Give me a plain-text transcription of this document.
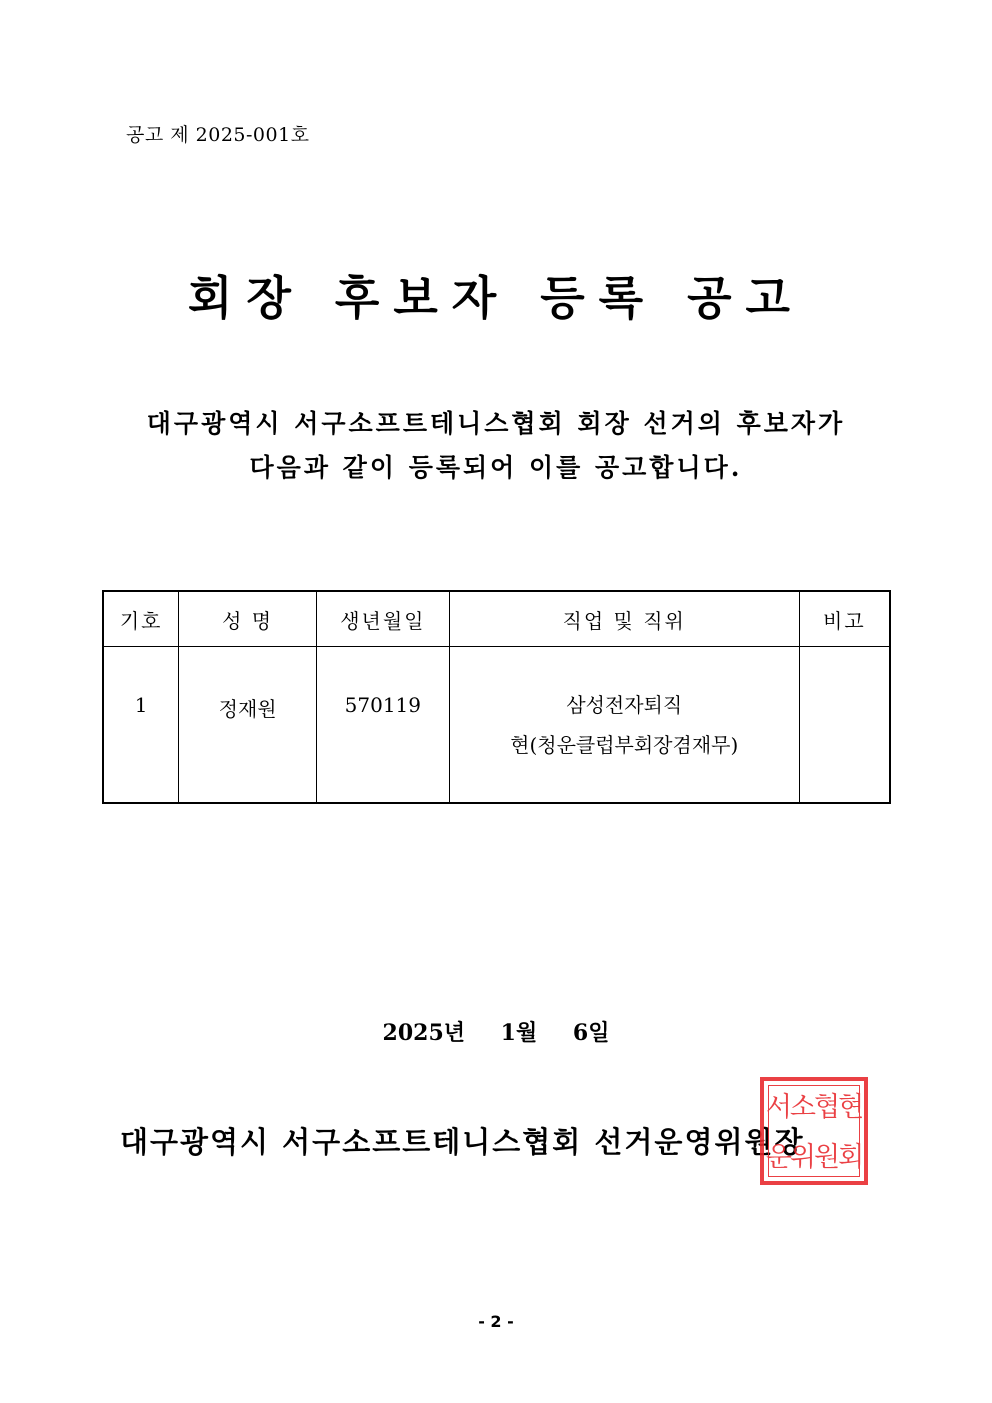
공고 제 2025-001호
회장 후보자 등록 공고
대구광역시 서구소프트테니스협회 회장 선거의 후보자가
다음과 같이 등록되어 이를 공고합니다.
기호	성 명	생년월일	직업 및 직위	비고
1	정재원	570119	삼성전자퇴직
현(청운클럽부회장겸재무)	

2025년 1월 6일
대구광역시 서구소프트테니스협회 선거운영위원장
서소협현
운위원회
- 2 -
